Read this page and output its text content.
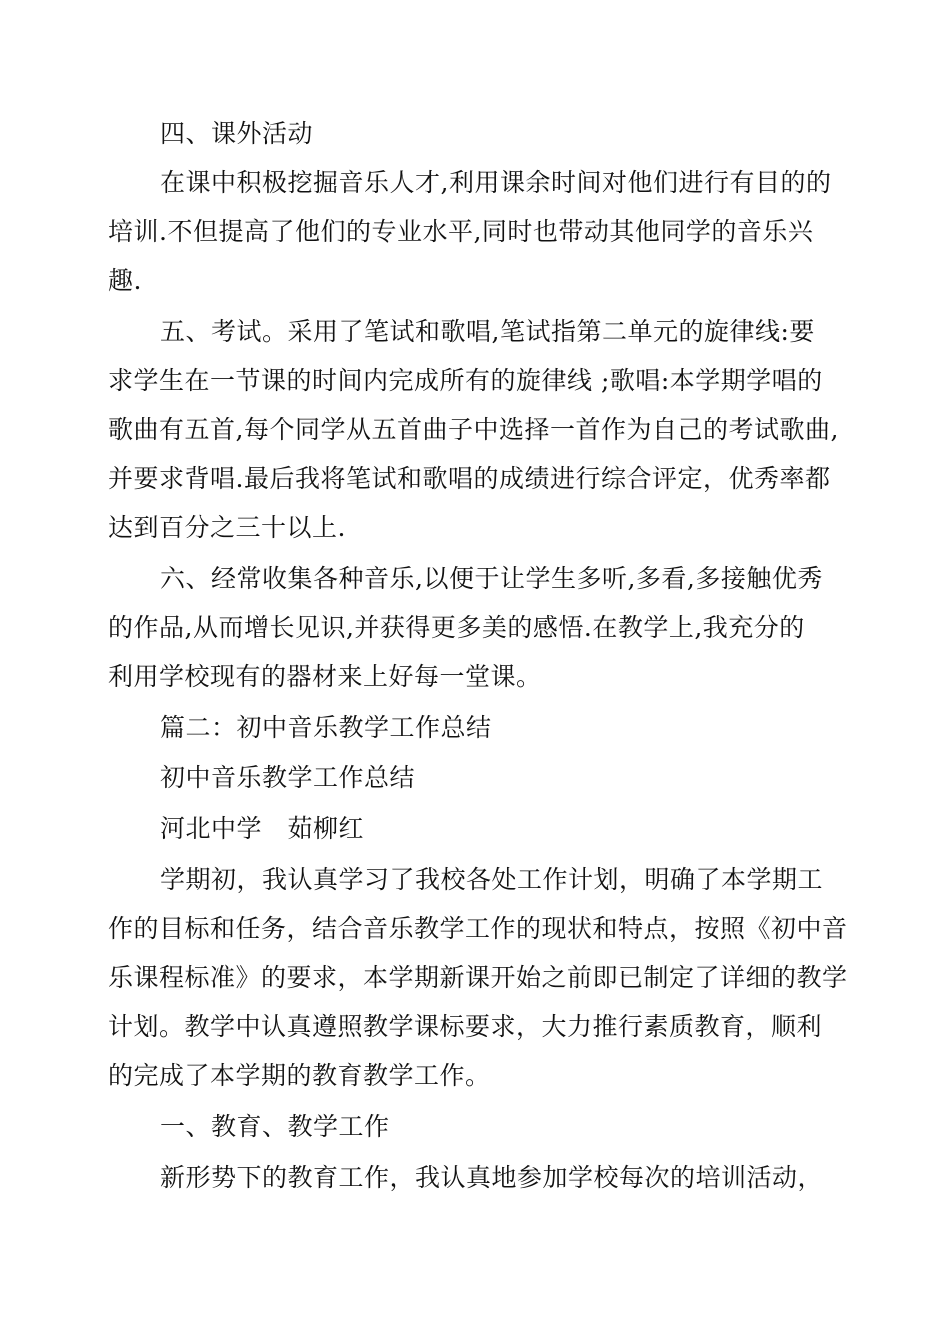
四、课外活动
在课中积极挖掘音乐人才,利用课余时间对他们进行有目的的
培训.不但提高了他们的专业水平,同时也带动其他同学的音乐兴
趣.
五、考试。采用了笔试和歌唱,笔试指第二单元的旋律线:要
求学生在一节课的时间内完成所有的旋律线 ;歌唱:本学期学唱的
歌曲有五首,每个同学从五首曲子中选择一首作为自己的考试歌曲,
并要求背唱.最后我将笔试和歌唱的成绩进行综合评定，优秀率都
达到百分之三十以上.
六、经常收集各种音乐,以便于让学生多听,多看,多接触优秀
的作品,从而增长见识,并获得更多美的感悟.在教学上,我充分的
利用学校现有的器材来上好每一堂课。
篇二：初中音乐教学工作总结
初中音乐教学工作总结
河北中学　茹柳红
学期初，我认真学习了我校各处工作计划，明确了本学期工
作的目标和任务，结合音乐教学工作的现状和特点，按照《初中音
乐课程标准》的要求，本学期新课开始之前即已制定了详细的教学
计划。教学中认真遵照教学课标要求，大力推行素质教育，顺利
的完成了本学期的教育教学工作。
一、教育、教学工作
新形势下的教育工作，我认真地参加学校每次的培训活动，
